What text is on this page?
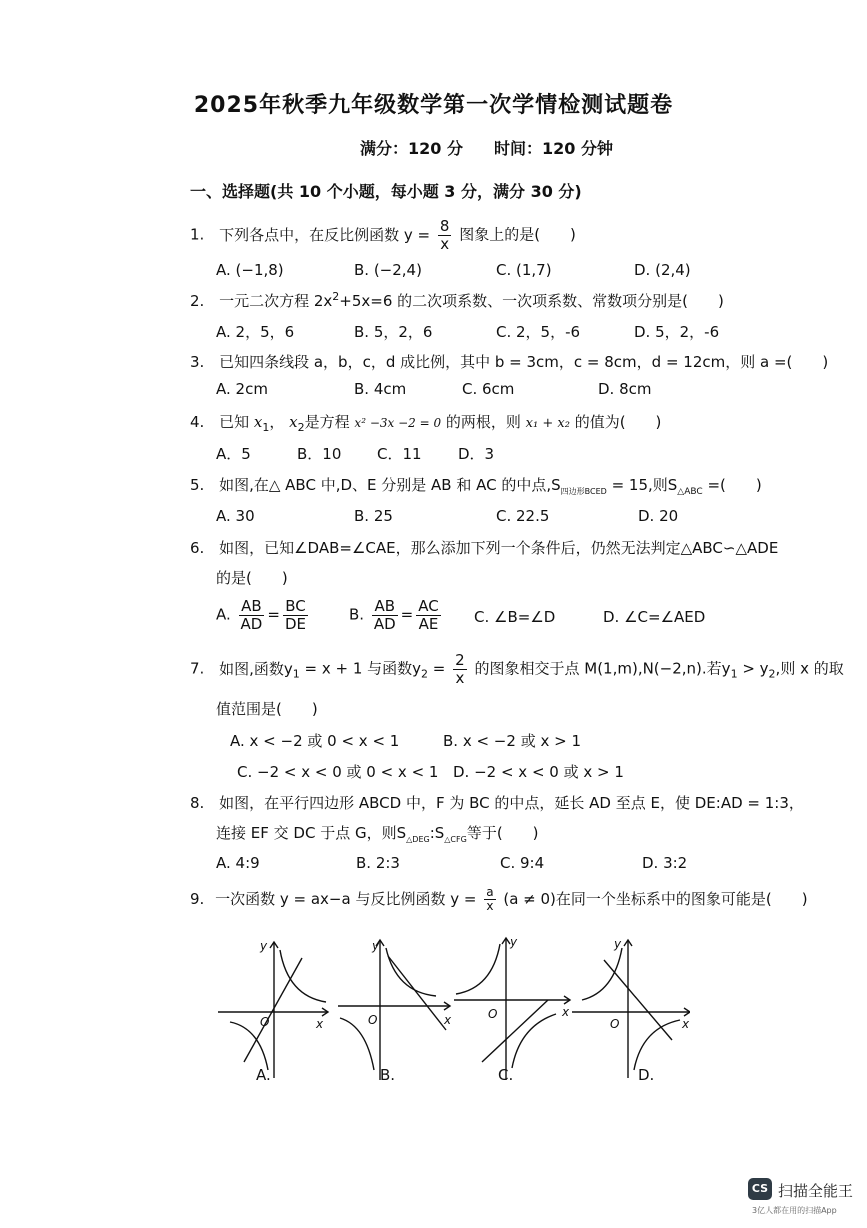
2025年秋季九年级数学第一次学情检测试题卷
满分：120 分 时间：120 分钟
一、选择题(共 10 个小题，每小题 3 分，满分 30 分)
1. 下列各点中，在反比例函数 $y = \frac{8}{x}$ 图象上的是(　　)
A. (−1,8)	B. (−2,4)	C. (1,7)	D. (2,4)
2. 一元二次方程 $2x^2+5x=6$ 的二次项系数、一次项系数、常数项分别是(　　)
A. 2，5，6	B. 5，2，6	C. 2，5，-6	D. 5，2，-6
3. 已知四条线段 a，b，c，d 成比例，其中 b = 3cm，c = 8cm，d = 12cm，则 a =(　　)
A. 2cm	B. 4cm	C. 6cm	D. 8cm
4. 已知 $x_1$， $x_2$是方程 x² −3x −2 = 0 的两根，则 x₁ + x₂ 的值为(　　)
A．5	B．10 C．11 D．3
5. 如图,在△ ABC 中,D、E 分别是 AB 和 AC 的中点$,S_{四边形BCED} = 15$,则$S_{\triangle ABC}$ =(　　)
A. 30	B. 25	C. 22.5	D. 20
6. 如图，已知∠DAB=∠CAE，那么添加下列一个条件后，仍然无法判定△ABC∽△ADE
的是(　　)
A. $\frac{AB}{AD} = \frac{BC}{DE}$	B. $\frac{AB}{AD} = \frac{AC}{AE} C$. ∠B=∠D	D. ∠C=∠AED
7. 如图,函数$y_1 = x + 1$ 与函数$y_2 = \frac{2}{x}$ 的图象相交于点 M(1,m),N(−2,n).若$y_1 > y_2$,则 x 的取
值范围是(　　)
A. x < −2 或 0 < x < 1	B. x < −2 或 x > 1
C. −2 < x < 0 或 0 < x < 1 D. −2 < x < 0 或 x > 1
8. 如图，在平行四边形 ABCD 中，F 为 BC 的中点，延长 AD 至点 E，使 DE:AD = 1:3，
连接 EF 交 DC 于点 G，则$S_{\triangle DEG}:S_{\triangle CFG}$等于(　　)
A. 4:9	B. 2:3	C. 9:4	D. 3:2
9. 一次函数 y = ax−a 与反比例函数 $y = \frac{a}{x} (a \ne 0)$在同一个坐标系中的图象可能是(　　)
y
x
O
y
x
O
y
x
O
y
x
O
A.	B.	C.	D.
CS 扫描全能王
3亿人都在用的扫描App
